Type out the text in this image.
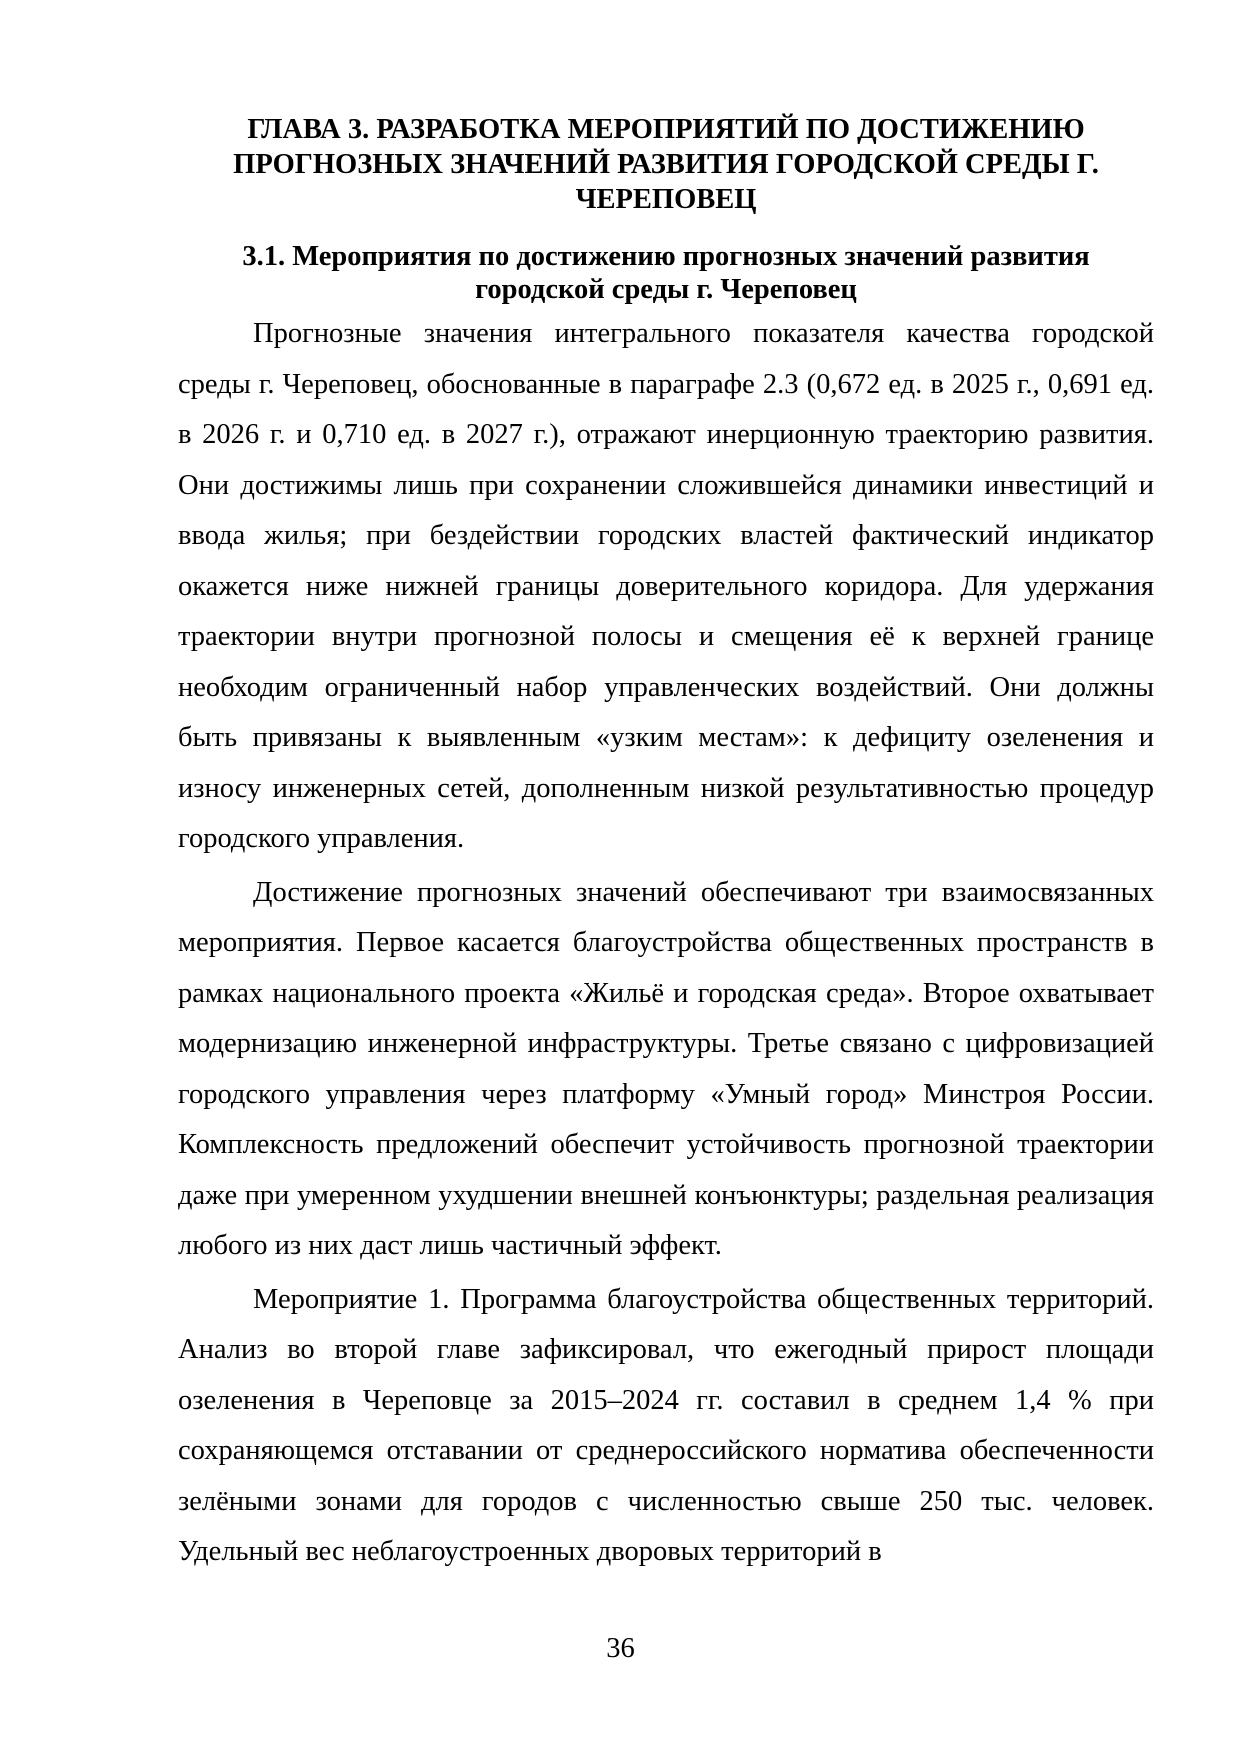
ГЛАВА 3. РАЗРАБОТКА МЕРОПРИЯТИЙ ПО ДОСТИЖЕНИЮ ПРОГНОЗНЫХ ЗНАЧЕНИЙ РАЗВИТИЯ ГОРОДСКОЙ СРЕДЫ Г. ЧЕРЕПОВЕЦ
3.1. Мероприятия по достижению прогнозных значений развития городской среды г. Череповец

Прогнозные значения интегрального показателя качества городской среды г. Череповец, обоснованные в параграфе 2.3 (0,672 ед. в 2025 г., 0,691 ед. в 2026 г. и 0,710 ед. в 2027 г.), отражают инерционную траекторию развития. Они достижимы лишь при сохранении сложившейся динамики инвестиций и ввода жилья; при бездействии городских властей фактический индикатор окажется ниже нижней границы доверительного коридора. Для удержания траектории внутри прогнозной полосы и смещения её к верхней границе необходим ограниченный набор управленческих воздействий. Они должны быть привязаны к выявленным «узким местам»: к дефициту озеленения и износу инженерных сетей, дополненным низкой результативностью процедур городского управления.

Достижение прогнозных значений обеспечивают три взаимосвязанных мероприятия. Первое касается благоустройства общественных пространств в рамках национального проекта «Жильё и городская среда». Второе охватывает модернизацию инженерной инфраструктуры. Третье связано с цифровизацией городского управления через платформу «Умный город» Минстроя России. Комплексность предложений обеспечит устойчивость прогнозной траектории даже при умеренном ухудшении внешней конъюнктуры; раздельная реализация любого из них даст лишь частичный эффект.

Мероприятие 1. Программа благоустройства общественных территорий. Анализ во второй главе зафиксировал, что ежегодный прирост площади озеленения в Череповце за 2015–2024 гг. составил в среднем 1,4 % при сохраняющемся отставании от среднероссийского норматива обеспеченности зелёными зонами для городов с численностью свыше 250 тыс. человек. Удельный вес неблагоустроенных дворовых территорий в

36
